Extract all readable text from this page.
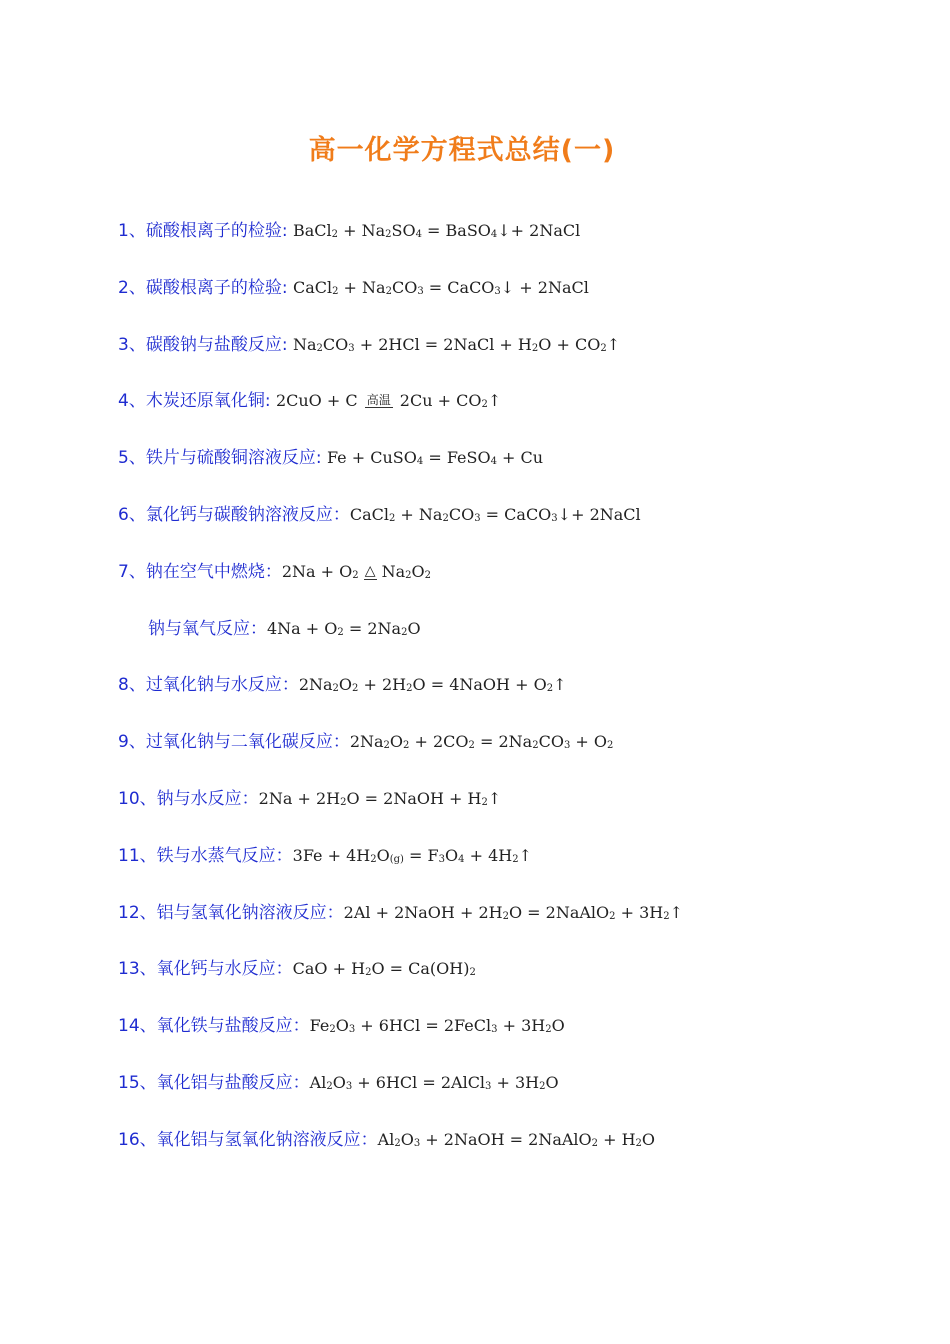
高一化学方程式总结(一)
1、硫酸根离子的检验: BaCl$_2$ + $Na_2SO_4$ = BaSO$_4$↓+ 2NaCl
2、碳酸根离子的检验: CaCl$_2$ + $Na_2CO_3$ = CaCO$_3$↓ + 2NaCl
3、碳酸钠与盐酸反应: $Na_2CO_3 + 2HCl$ = 2NaCl + $H_2O$ + $CO_2↑$
4、木炭还原氧化铜: 2CuO + C 高温 $2Cu + CO_2↑$
5、铁片与硫酸铜溶液反应: Fe + CuSO$_4$ = FeSO$_4$ + Cu
6、氯化钙与碳酸钠溶液反应：CaCl$_2$ + $Na_2CO_3$ = CaCO$_3$↓+ 2NaCl
7、钠在空气中燃烧：$2Na + O_2$ △ $Na_2O_2$
钠与氧气反应：$4Na + O_2 = 2Na_2O$
8、过氧化钠与水反应：$2Na_2O_2 + 2H_2O$ = 4NaOH + $O_2↑$
9、过氧化钠与二氧化碳反应：$2Na_2O_2 + 2CO_2 = 2Na_2CO_3 + O_2$
10、钠与水反应：$2Na + 2H_2O$ = 2NaOH + $H_2↑$
11、铁与水蒸气反应：$3Fe + 4H_2O_{(g)} = F_3O_4$ + $4H_2↑$
12、铝与氢氧化钠溶液反应：2Al + 2NaOH + $2H_2O$ = 2NaAlO$_2$ + $3H_2↑$
13、氧化钙与水反应：CaO + $H_2O = Ca(OH)_2$
14、氧化铁与盐酸反应：$Fe_2O_3 + 6HCl$ = 2FeCl$_3$ + $3H_2O$
15、氧化铝与盐酸反应：$Al_2O_3 + 6HCl$ = 2AlCl$_3$ + $3H_2O$
16、氧化铝与氢氧化钠溶液反应：$Al_2O_3$ + 2NaOH = 2NaAlO$_2$ + $H_2O$
